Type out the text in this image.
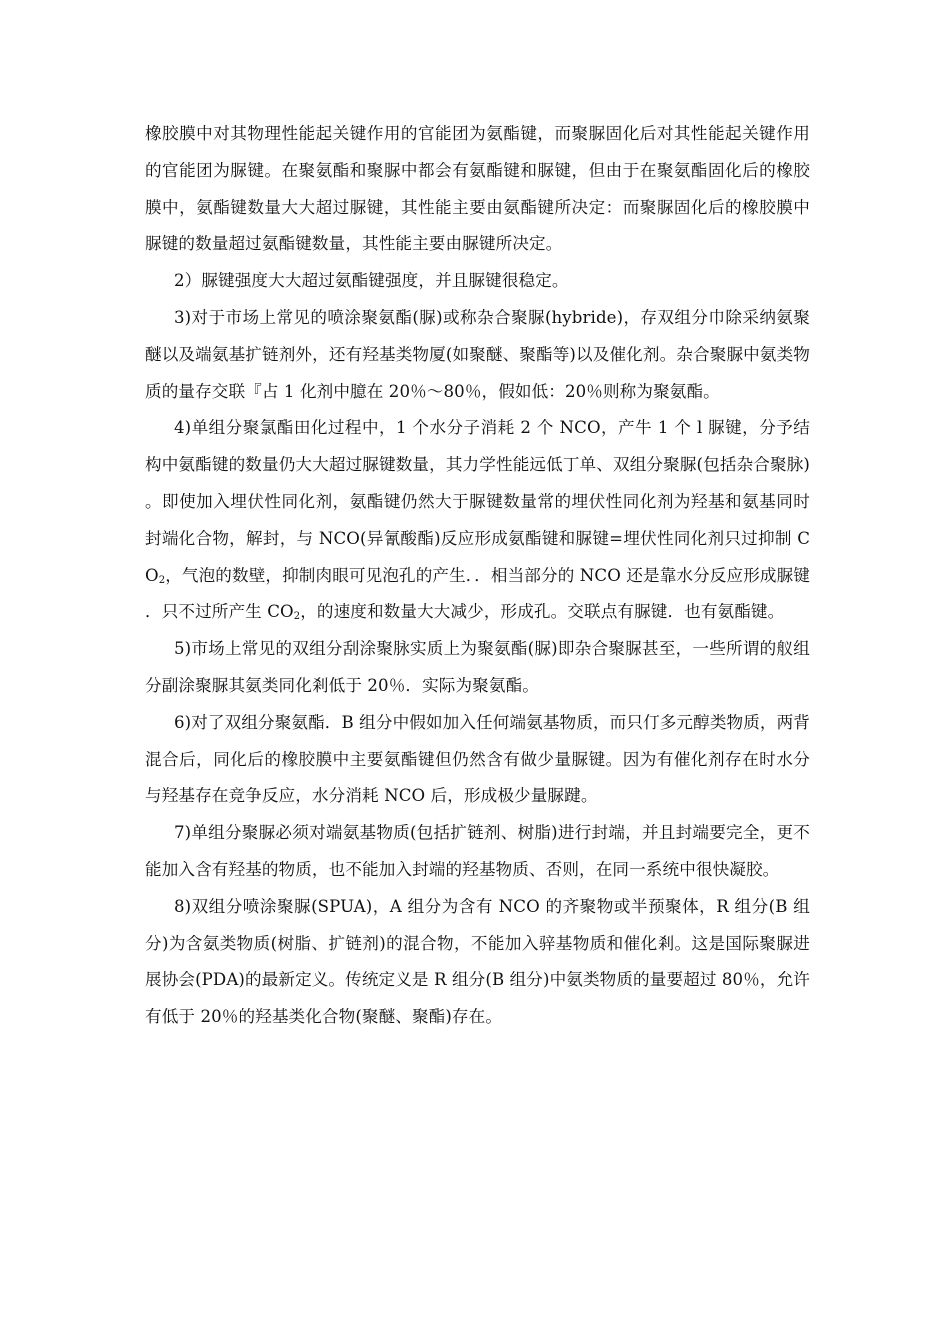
橡胶膜中对其物理性能起关键作用的官能团为氨酯键，而聚脲固化后对其性能起关键作用的官能团为脲键。在聚氨酯和聚脲中都会有氨酯键和脲键，但由于在聚氨酯固化后的橡胶膜中，氨酯键数量大大超过脲键，其性能主要由氨酯键所决定：而聚脲固化后的橡胶膜中脲键的数量超过氨酯键数量，其性能主要由脲键所决定。

2）脲键强度大大超过氨酯键强度，并且脲键很稳定。

3)对于市场上常见的喷涂聚氨酯(脲)或称杂合聚脲(hybride)，存双组分巾除采纳氨聚醚以及端氨基扩链剂外，还有羟基类物厦(如聚醚、聚酯等)以及催化剂。杂合聚脲中氨类物质的量存交联『占 1 化剂中臆在 20％～80％，假如低：20％则称为聚氨酯。

4)单组分聚氯酯田化过程中，1 个水分子消耗 2 个 NCO，产牛 1 个 l 脲键，分予结构中氨酯键的数量仍大大超过脲键数量，其力学性能远低丁单、双组分聚脲(包括杂合聚脉)。即使加入埋伏性同化剂，氨酯键仍然大于脲键数量常的埋伏性同化剂为羟基和氨基同时封端化合物，解封，与 NCO(异氰酸酯)反应形成氨酯键和脲键=埋伏性同化剂只过抑制 $CO_2$，气泡的数壁，抑制肉眼可见泡孔的产生．．相当部分的 NCO 还是靠水分反应形成脲键．只不过所产生 $CO_2$，的速度和数量大大减少，形成孔。交联点有脲键．也有氨酯键。

5)市场上常见的双组分刮涂聚脉实质上为聚氨酯(脲)即杂合聚脲甚至，一些所谓的舣组分副涂聚脲其氨类同化剎低于 20％．实际为聚氨酯。

6)对了双组分聚氨酯．B 组分中假如加入任何端氨基物质，而只仃多元醇类物质，两背混合后，同化后的橡胶膜中主要氨酯键但仍然含有做少量脲键。因为有催化剂存在时水分与羟基存在竞争反应，水分消耗 NCO 后，形成极少量脲踺。

7)单组分聚脲必须对端氨基物质(包括扩链剂、树脂)进行封端，并且封端要完全，更不能加入含有羟基的物质，也不能加入封端的羟基物质、否则，在同一系统中很快凝胶。

8)双组分喷涂聚脲(SPUA)，A 组分为含有 NCO 的齐聚物或半预聚体，R 组分(B 组分)为含氨类物质(树脂、扩链剂)的混合物，不能加入骍基物质和催化剎。这是国际聚脲进展协会(PDA)的最新定义。传统定义是 R 组分(B 组分)中氨类物质的量要超过 80％，允许有低于 20％的羟基类化合物(聚醚、聚酯)存在。
